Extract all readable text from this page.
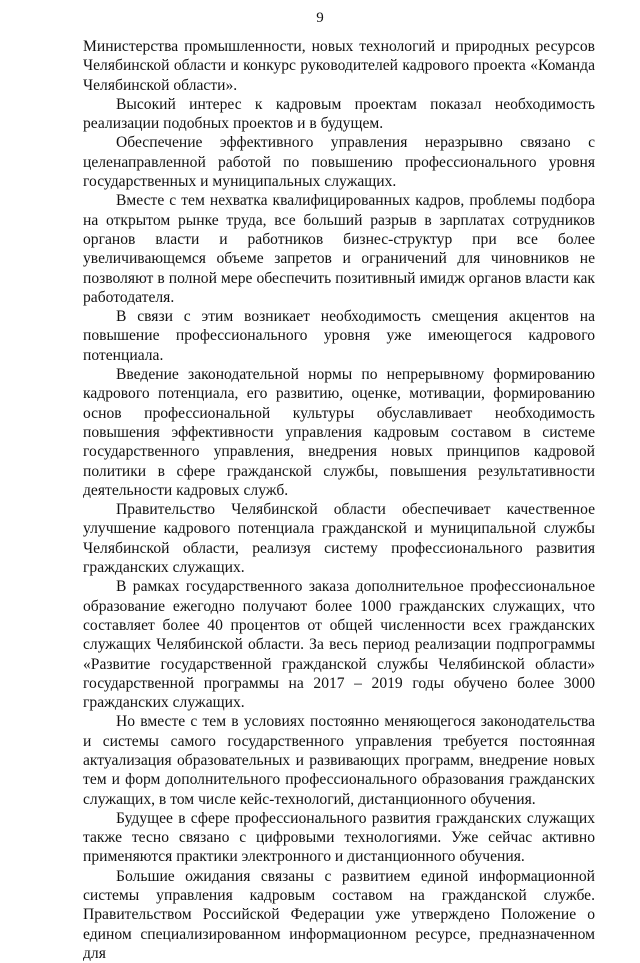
9

Министерства промышленности, новых технологий и природных ресурсов Челябинской области и конкурс руководителей кадрового проекта «Команда Челябинской области».

Высокий интерес к кадровым проектам показал необходимость реализации подобных проектов и в будущем.

Обеспечение эффективного управления неразрывно связано с целенаправленной работой по повышению профессионального уровня государственных и муниципальных служащих.

Вместе с тем нехватка квалифицированных кадров, проблемы подбора на открытом рынке труда, все больший разрыв в зарплатах сотрудников органов власти и работников бизнес-структур при все более увеличивающемся объеме запретов и ограничений для чиновников не позволяют в полной мере обеспечить позитивный имидж органов власти как работодателя.

В связи с этим возникает необходимость смещения акцентов на повышение профессионального уровня уже имеющегося кадрового потенциала.

Введение законодательной нормы по непрерывному формированию кадрового потенциала, его развитию, оценке, мотивации, формированию основ профессиональной культуры обуславливает необходимость повышения эффективности управления кадровым составом в системе государственного управления, внедрения новых принципов кадровой политики в сфере гражданской службы, повышения результативности деятельности кадровых служб.

Правительство Челябинской области обеспечивает качественное улучшение кадрового потенциала гражданской и муниципальной службы Челябинской области, реализуя систему профессионального развития гражданских служащих.

В рамках государственного заказа дополнительное профессиональное образование ежегодно получают более 1000 гражданских служащих, что составляет более 40 процентов от общей численности всех гражданских служащих Челябинской области. За весь период реализации подпрограммы «Развитие государственной гражданской службы Челябинской области» государственной программы на 2017 – 2019 годы обучено более 3000 гражданских служащих.

Но вместе с тем в условиях постоянно меняющегося законодательства и системы самого государственного управления требуется постоянная актуализация образовательных и развивающих программ, внедрение новых тем и форм дополнительного профессионального образования гражданских служащих, в том числе кейс-технологий, дистанционного обучения.

Будущее в сфере профессионального развития гражданских служащих также тесно связано с цифровыми технологиями. Уже сейчас активно применяются практики электронного и дистанционного обучения.

Большие ожидания связаны с развитием единой информационной системы управления кадровым составом на гражданской службе. Правительством Российской Федерации уже утверждено Положение о едином специализированном информационном ресурсе, предназначенном для
